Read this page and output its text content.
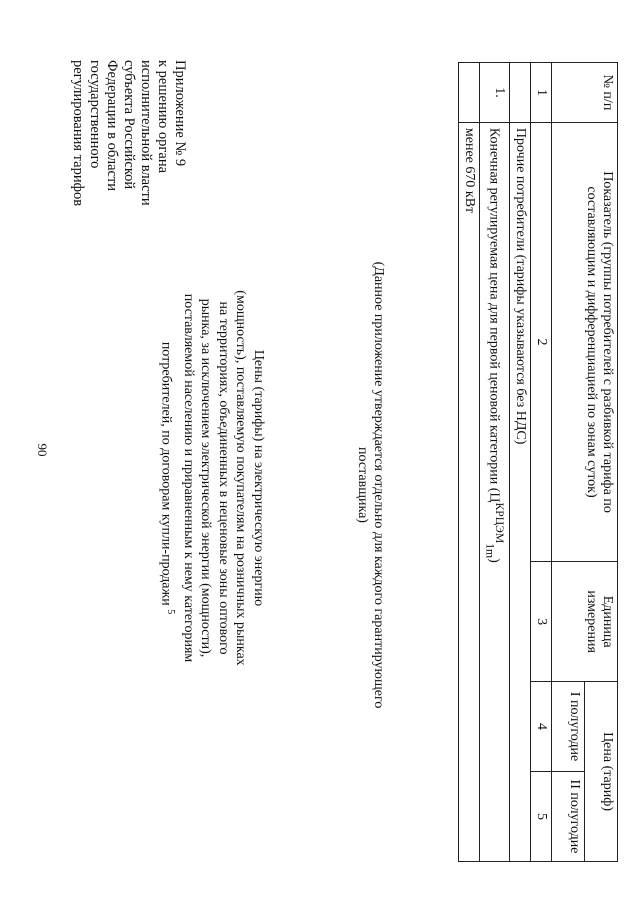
90
Приложение № 9
к решению органа
исполнительной власти
субъекта Российской
Федерации в области
государственного
регулирования тарифов
Цены (тарифы) на электрическую энергию
(мощность), поставляемую покупателям на розничных рынках
на территориях, объединенных в неценовые зоны оптового
рынка, за исключением электрической энергии (мощности),
поставляемой населению и приравненным к нему категориям
потребителей, по договорам купли-продажи $^5$	(Данное приложение утверждается отдельно для каждого гарантирующего поставщика)
№ п/п	Показатель (группы потребителей с разбивкой тарифа по составляющим и дифференциацией по зонам суток)	Единица измерения	Цена (тариф)	
			I полугодие	II полугодие
1	2	3	4	5
	Прочие потребители (тарифы указываются без НДС)			
1.	Конечная регулируемая цена для первой ценовой категории $(Ц^{КРЦЭМ}_{1m})$			
	менее 670 кВт			
